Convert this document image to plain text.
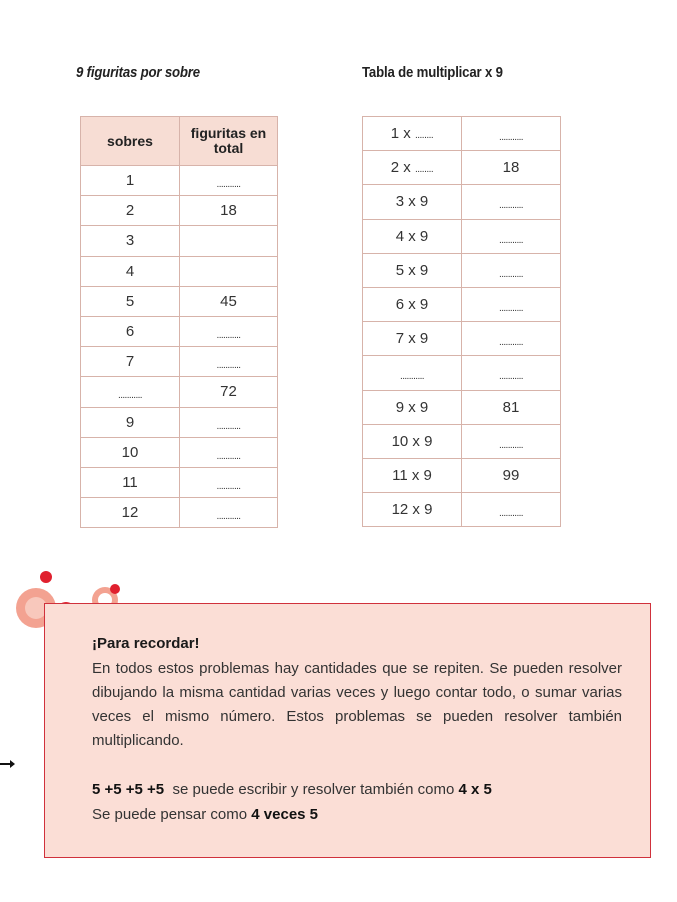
9 figuritas por sobre	Tabla de multiplicar x 9
sobres	figuritas en total
1	...........

2	18
3	
4	
5	45
6	...........

7	...........

...........	72
9	...........

10	...........

11	...........

12	...........
1 x ........	...........

2 x ........	18
3 x 9	...........

4 x 9	...........

5 x 9	...........

6 x 9	...........

7 x 9	...........

...........	...........

9 x 9	81
10 x 9	...........

11 x 9	99
12 x 9	...........
¡Para recordar!
En todos estos problemas hay cantidades que se repiten. Se pueden resolver dibujando la misma cantidad varias veces y luego contar todo, o sumar varias veces el mismo número. Estos problemas se pueden resolver también multiplicando.
5 +5 +5 +5 se puede escribir y resolver también como 4 x 5
Se puede pensar como 4 veces 5
